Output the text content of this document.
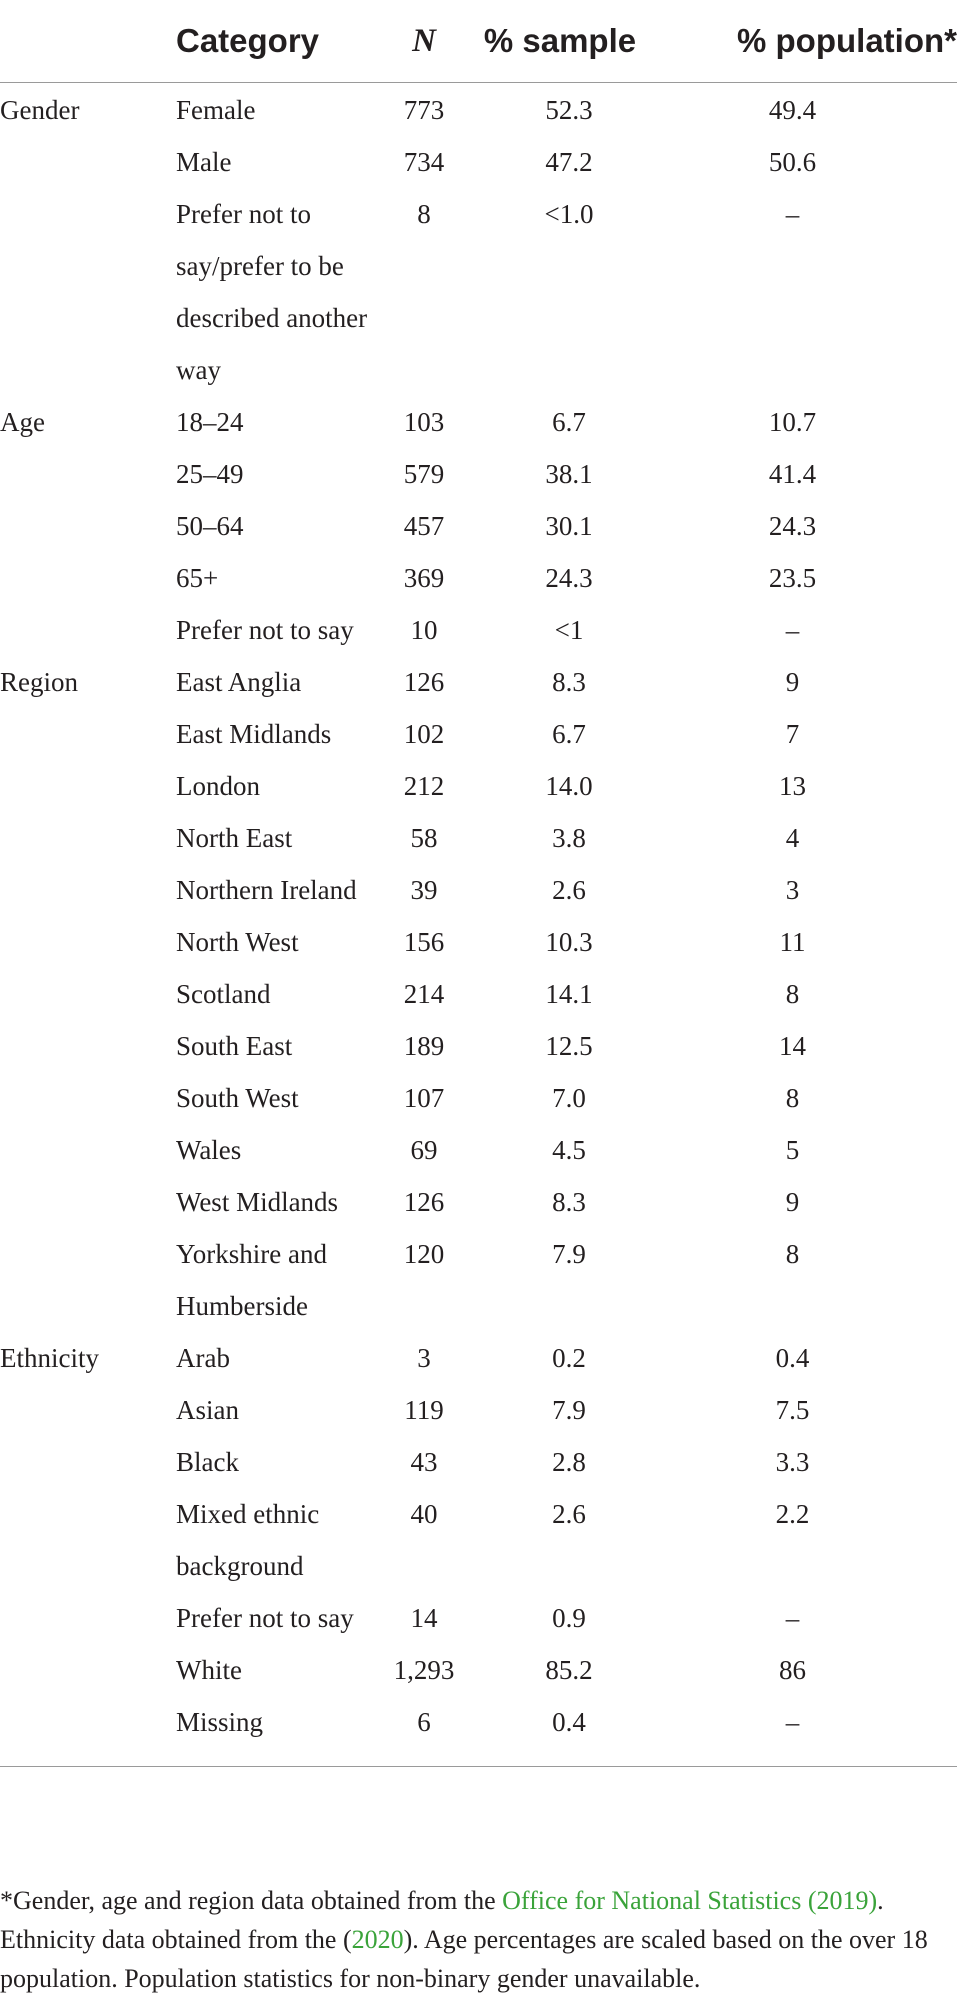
	Category	N	% sample	% population*
Gender	Female	773	52.3	49.4
	Male	734	47.2	50.6
	Prefer not to say/prefer to be described another way	8	<1.0	–
Age	18–24	103	6.7	10.7
	25–49	579	38.1	41.4
	50–64	457	30.1	24.3
	65+	369	24.3	23.5
	Prefer not to say	10	<1	–
Region	East Anglia	126	8.3	9
	East Midlands	102	6.7	7
	London	212	14.0	13
	North East	58	3.8	4
	Northern Ireland	39	2.6	3
	North West	156	10.3	11
	Scotland	214	14.1	8
	South East	189	12.5	14
	South West	107	7.0	8
	Wales	69	4.5	5
	West Midlands	126	8.3	9
	Yorkshire and Humberside	120	7.9	8
Ethnicity	Arab	3	0.2	0.4
	Asian	119	7.9	7.5
	Black	43	2.8	3.3
	Mixed ethnic background	40	2.6	2.2
	Prefer not to say	14	0.9	–
	White	1,293	85.2	86
	Missing	6	0.4	–
*Gender, age and region data obtained from the Office for National Statistics (2019). Ethnicity data obtained from the (2020). Age percentages are scaled based on the over 18 population. Population statistics for non-binary gender unavailable.
